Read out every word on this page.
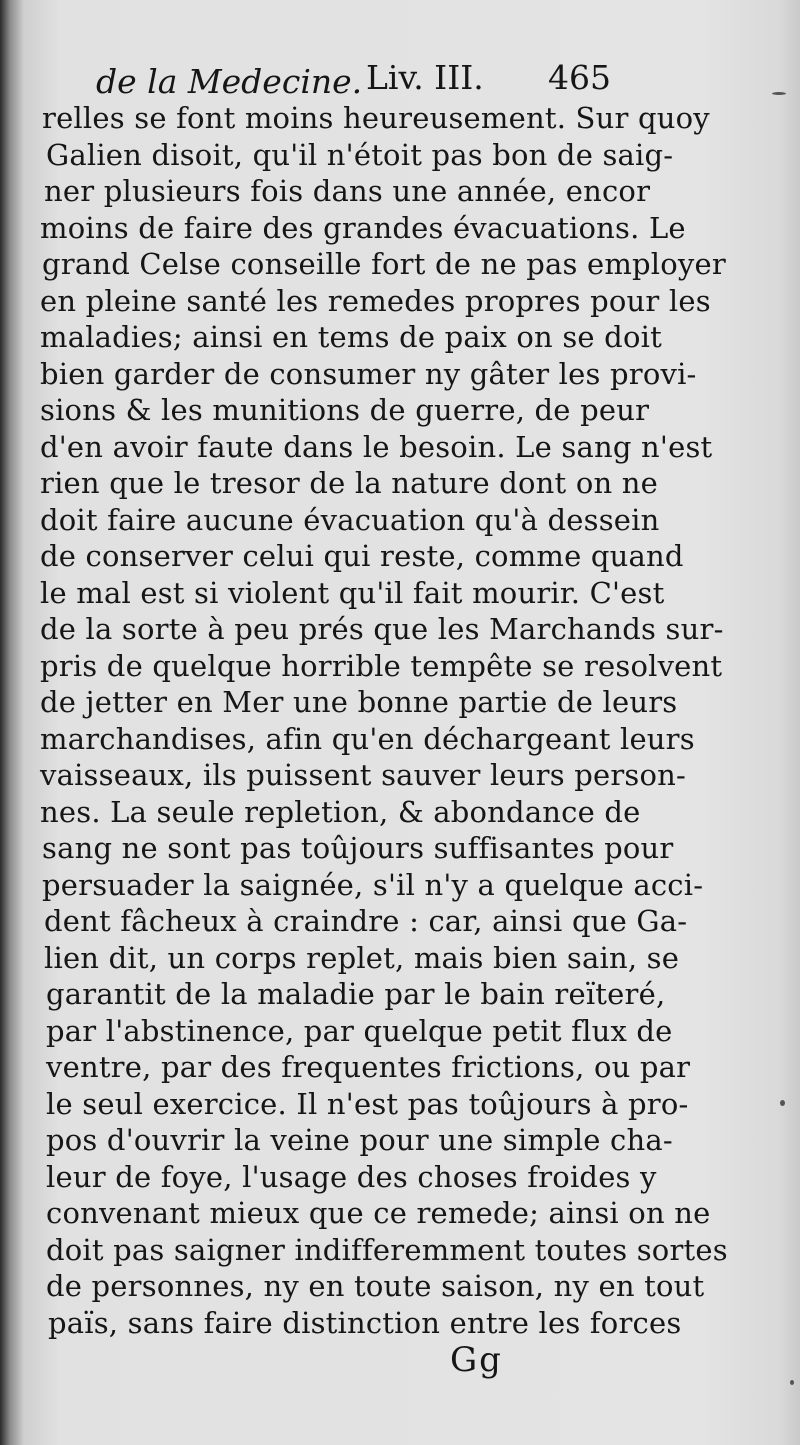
de la Medecine. Liv. III. 465
relles se font moins heureusement. Sur quoy
Galien disoit, qu'il n'étoit pas bon de saig-
ner plusieurs fois dans une année, encor
moins de faire des grandes évacuations. Le
grand Celse conseille fort de ne pas employer
en pleine santé les remedes propres pour les
maladies; ainsi en tems de paix on se doit
bien garder de consumer ny gâter les provi-
sions & les munitions de guerre, de peur
d'en avoir faute dans le besoin. Le sang n'est
rien que le tresor de la nature dont on ne
doit faire aucune évacuation qu'à dessein
de conserver celui qui reste, comme quand
le mal est si violent qu'il fait mourir. C'est
de la sorte à peu prés que les Marchands sur-
pris de quelque horrible tempête se resolvent
de jetter en Mer une bonne partie de leurs
marchandises, afin qu'en déchargeant leurs
vaisseaux, ils puissent sauver leurs person-
nes. La seule repletion, & abondance de
sang ne sont pas toûjours suffisantes pour
persuader la saignée, s'il n'y a quelque acci-
dent fâcheux à craindre : car, ainsi que Ga-
lien dit, un corps replet, mais bien sain, se
garantit de la maladie par le bain reïteré,
par l'abstinence, par quelque petit flux de
ventre, par des frequentes frictions, ou par
le seul exercice. Il n'est pas toûjours à pro-
pos d'ouvrir la veine pour une simple cha-
leur de foye, l'usage des choses froides y
convenant mieux que ce remede; ainsi on ne
doit pas saigner indifferemment toutes sortes
de personnes, ny en toute saison, ny en tout
païs, sans faire distinction entre les forces
Gg
